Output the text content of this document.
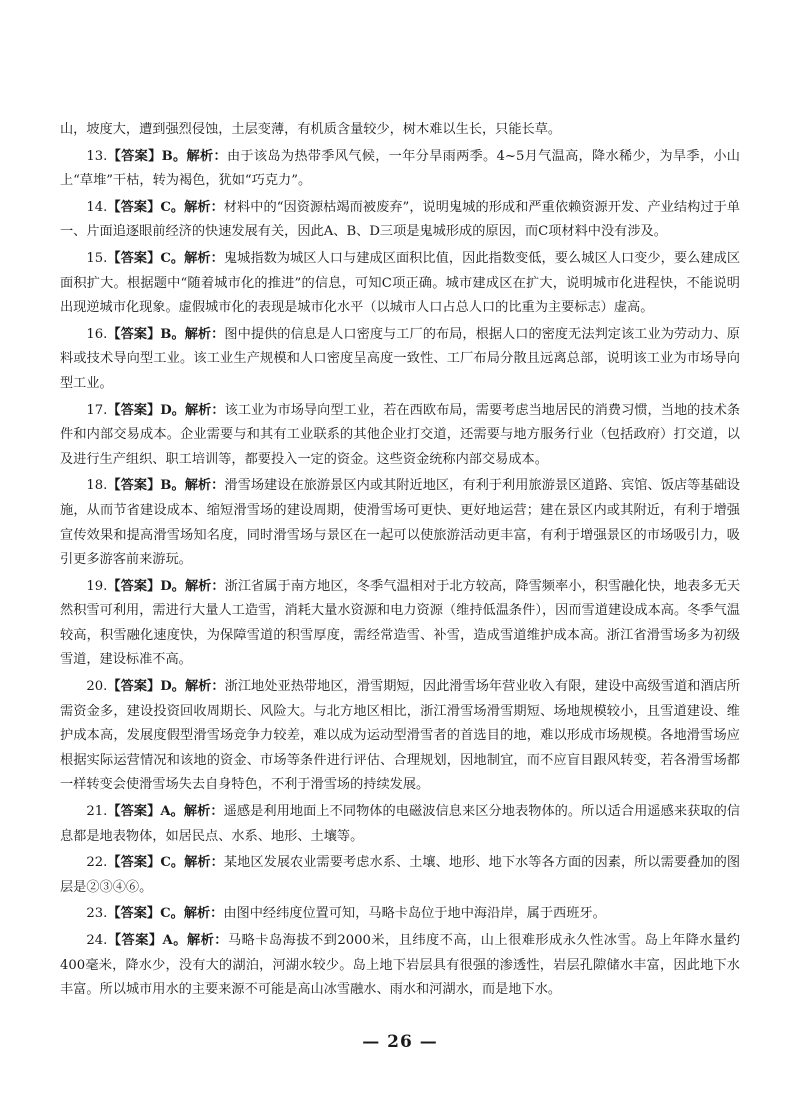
山，坡度大，遭到强烈侵蚀，土层变薄，有机质含量较少，树木难以生长，只能长草。

13.【答案】B。解析：由于该岛为热带季风气候，一年分旱雨两季。4~5月气温高，降水稀少，为旱季，小山上“草堆”干枯，转为褐色，犹如“巧克力”。

14.【答案】C。解析：材料中的“因资源枯竭而被废弃”，说明鬼城的形成和严重依赖资源开发、产业结构过于单一、片面追逐眼前经济的快速发展有关，因此A、B、D三项是鬼城形成的原因，而C项材料中没有涉及。

15.【答案】C。解析：鬼城指数为城区人口与建成区面积比值，因此指数变低，要么城区人口变少，要么建成区面积扩大。根据题中“随着城市化的推进”的信息，可知C项正确。城市建成区在扩大，说明城市化进程快，不能说明出现逆城市化现象。虚假城市化的表现是城市化水平（以城市人口占总人口的比重为主要标志）虚高。

16.【答案】B。解析：图中提供的信息是人口密度与工厂的布局，根据人口的密度无法判定该工业为劳动力、原料或技术导向型工业。该工业生产规模和人口密度呈高度一致性、工厂布局分散且远离总部，说明该工业为市场导向型工业。

17.【答案】D。解析：该工业为市场导向型工业，若在西欧布局，需要考虑当地居民的消费习惯，当地的技术条件和内部交易成本。企业需要与和其有工业联系的其他企业打交道，还需要与地方服务行业（包括政府）打交道，以及进行生产组织、职工培训等，都要投入一定的资金。这些资金统称内部交易成本。

18.【答案】B。解析：滑雪场建设在旅游景区内或其附近地区，有利于利用旅游景区道路、宾馆、饭店等基础设施，从而节省建设成本、缩短滑雪场的建设周期，使滑雪场可更快、更好地运营；建在景区内或其附近，有利于增强宣传效果和提高滑雪场知名度，同时滑雪场与景区在一起可以使旅游活动更丰富，有利于增强景区的市场吸引力，吸引更多游客前来游玩。

19.【答案】D。解析：浙江省属于南方地区，冬季气温相对于北方较高，降雪频率小，积雪融化快，地表多无天然积雪可利用，需进行大量人工造雪，消耗大量水资源和电力资源（维持低温条件），因而雪道建设成本高。冬季气温较高，积雪融化速度快，为保障雪道的积雪厚度，需经常造雪、补雪，造成雪道维护成本高。浙江省滑雪场多为初级雪道，建设标准不高。

20.【答案】D。解析：浙江地处亚热带地区，滑雪期短，因此滑雪场年营业收入有限，建设中高级雪道和酒店所需资金多，建设投资回收周期长、风险大。与北方地区相比，浙江滑雪场滑雪期短、场地规模较小，且雪道建设、维护成本高，发展度假型滑雪场竞争力较差，难以成为运动型滑雪者的首选目的地，难以形成市场规模。各地滑雪场应根据实际运营情况和该地的资金、市场等条件进行评估、合理规划，因地制宜，而不应盲目跟风转变，若各滑雪场都一样转变会使滑雪场失去自身特色，不利于滑雪场的持续发展。

21.【答案】A。解析：遥感是利用地面上不同物体的电磁波信息来区分地表物体的。所以适合用遥感来获取的信息都是地表物体，如居民点、水系、地形、土壤等。

22.【答案】C。解析：某地区发展农业需要考虑水系、土壤、地形、地下水等各方面的因素，所以需要叠加的图层是②③④⑥。

23.【答案】C。解析：由图中经纬度位置可知，马略卡岛位于地中海沿岸，属于西班牙。

24.【答案】A。解析：马略卡岛海拔不到2000米，且纬度不高，山上很难形成永久性冰雪。岛上年降水量约400毫米，降水少，没有大的湖泊，河湖水较少。岛上地下岩层具有很强的渗透性，岩层孔隙储水丰富，因此地下水丰富。所以城市用水的主要来源不可能是高山冰雪融水、雨水和河湖水，而是地下水。

— 26 —
